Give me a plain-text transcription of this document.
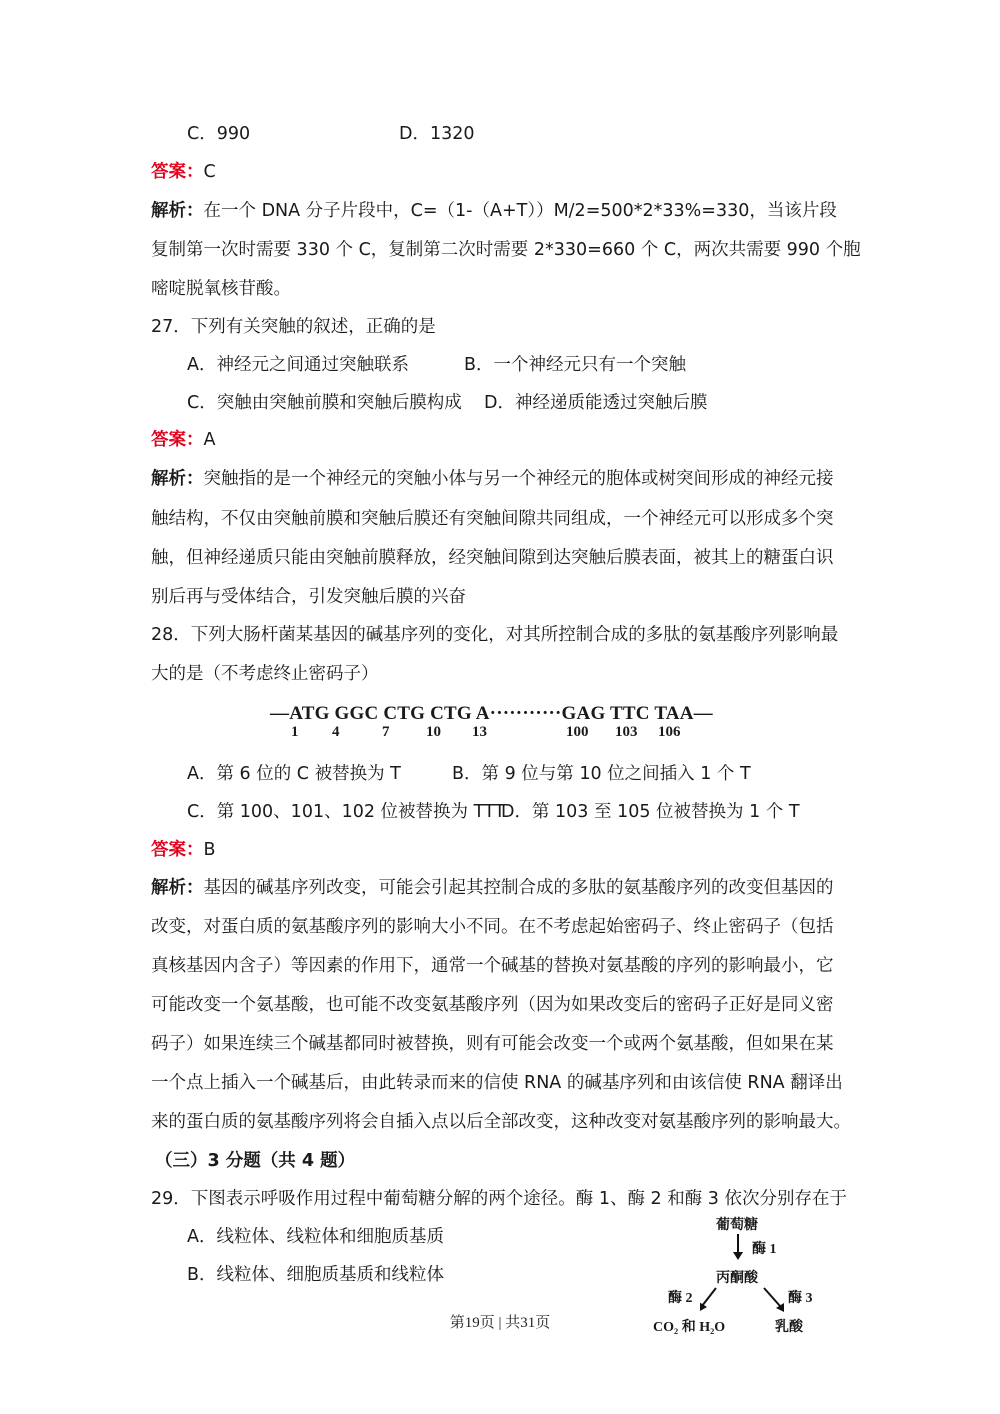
C．990	D．1320
答案：C
解析：在一个 DNA 分子片段中，C=（1-（A+T））M/2=500*2*33%=330，当该片段
复制第一次时需要 330 个 C，复制第二次时需要 2*330=660 个 C，两次共需要 990 个胞
嘧啶脱氧核苷酸。
27．下列有关突触的叙述，正确的是
A．神经元之间通过突触联系	B．一个神经元只有一个突触
C．突触由突触前膜和突触后膜构成 D．神经递质能透过突触后膜
答案：A
解析：突触指的是一个神经元的突触小体与另一个神经元的胞体或树突间形成的神经元接
触结构，不仅由突触前膜和突触后膜还有突触间隙共同组成，一个神经元可以形成多个突
触，但神经递质只能由突触前膜释放，经突触间隙到达突触后膜表面，被其上的糖蛋白识
别后再与受体结合，引发突触后膜的兴奋
28．下列大肠杆菌某基因的碱基序列的变化，对其所控制合成的多肽的氨基酸序列影响最
大的是（不考虑终止密码子）
—ATG GGC CTG CTG A···········GAG TTC TAA—
1 4	7 10 13	100 103 106
A．第 6 位的 C 被替换为 T	B．第 9 位与第 10 位之间插入 1 个 T
C．第 100、101、102 位被替换为 TTTD．第 103 至 105 位被替换为 1 个 T
答案：B
解析：基因的碱基序列改变，可能会引起其控制合成的多肽的氨基酸序列的改变但基因的
改变，对蛋白质的氨基酸序列的影响大小不同。在不考虑起始密码子、终止密码子（包括
真核基因内含子）等因素的作用下，通常一个碱基的替换对氨基酸的序列的影响最小，它
可能改变一个氨基酸，也可能不改变氨基酸序列（因为如果改变后的密码子正好是同义密
码子）如果连续三个碱基都同时被替换，则有可能会改变一个或两个氨基酸，但如果在某
一个点上插入一个碱基后，由此转录而来的信使 RNA 的碱基序列和由该信使 RNA 翻译出
来的蛋白质的氨基酸序列将会自插入点以后全部改变，这种改变对氨基酸序列的影响最大。
（三）3 分题（共 4 题）
29．下图表示呼吸作用过程中葡萄糖分解的两个途径。酶 1、酶 2 和酶 3 依次分别存在于
A．线粒体、线粒体和细胞质基质
B．线粒体、细胞质基质和线粒体
葡萄糖
酶 1
丙酮酸
酶 2	酶 3
CO₂ 和 H₂O	乳酸
第19页 | 共31页
